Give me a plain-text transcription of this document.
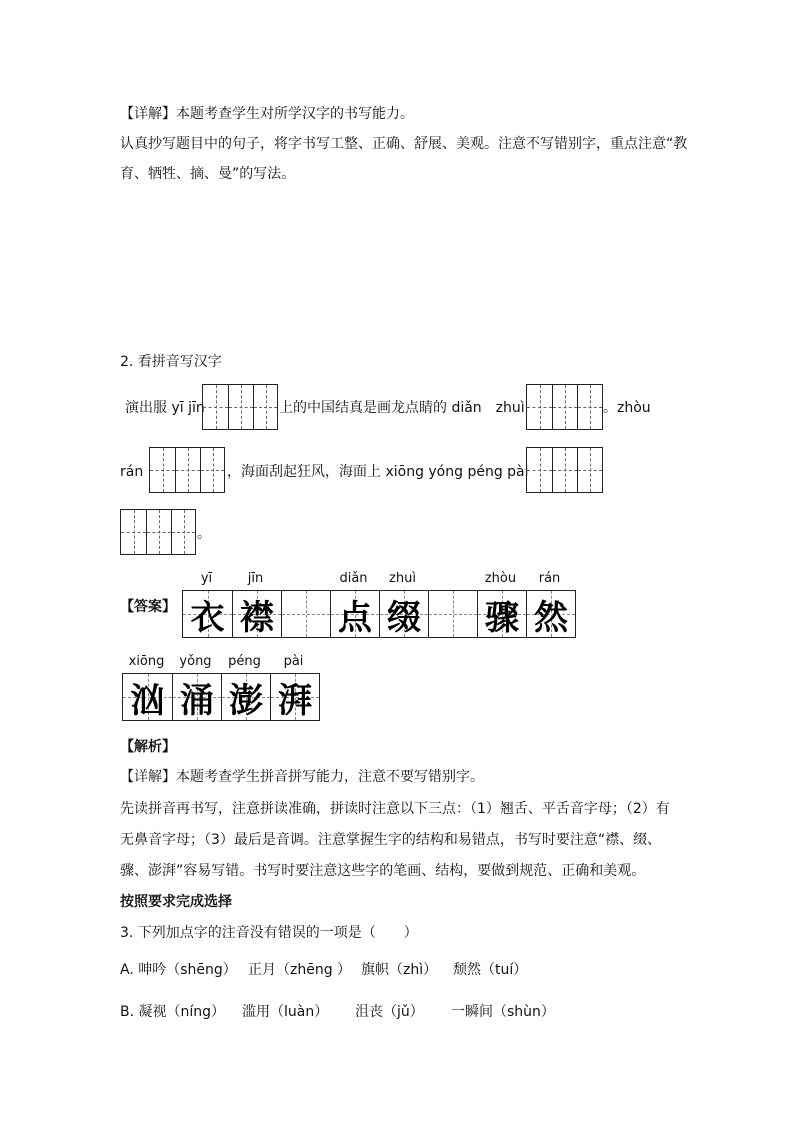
【详解】本题考查学生对所学汉字的书写能力。
认真抄写题目中的句子，将字书写工整、正确、舒展、美观。注意不写错别字，重点注意“教
育、牺牲、摘、曼”的写法。
2. 看拼音写汉字
演出服 yī jīn	上的中国结真是画龙点睛的 diǎn　zhuì	。zhòu
rán	，海面刮起狂风，海面上 xiōng yóng péng pài
。
【答案】
yī	jīn	diǎn	zhuì	zhòu	rán
衣 襟 点 缀 骤 然
xiōng	yǒng	péng	pài
汹 涌 澎 湃
【解析】
【详解】本题考查学生拼音拼写能力，注意不要写错别字。
先读拼音再书写，注意拼读准确，拼读时注意以下三点：（1）翘舌、平舌音字母；（2）有
无鼻音字母；（3）最后是音调。注意掌握生字的结构和易错点，书写时要注意“襟、缀、
骤、澎湃”容易写错。书写时要注意这些字的笔画、结构，要做到规范、正确和美观。
按照要求完成选择
3. 下列加点字的注音没有错误的一项是（　　）
A. 呻吟（shēng） 正月（zhēng ） 旗帜（zhì） 颓然（tuí）
B. 凝视（níng） 滥用（luàn） 沮丧（jǔ） 一瞬间（shùn）
